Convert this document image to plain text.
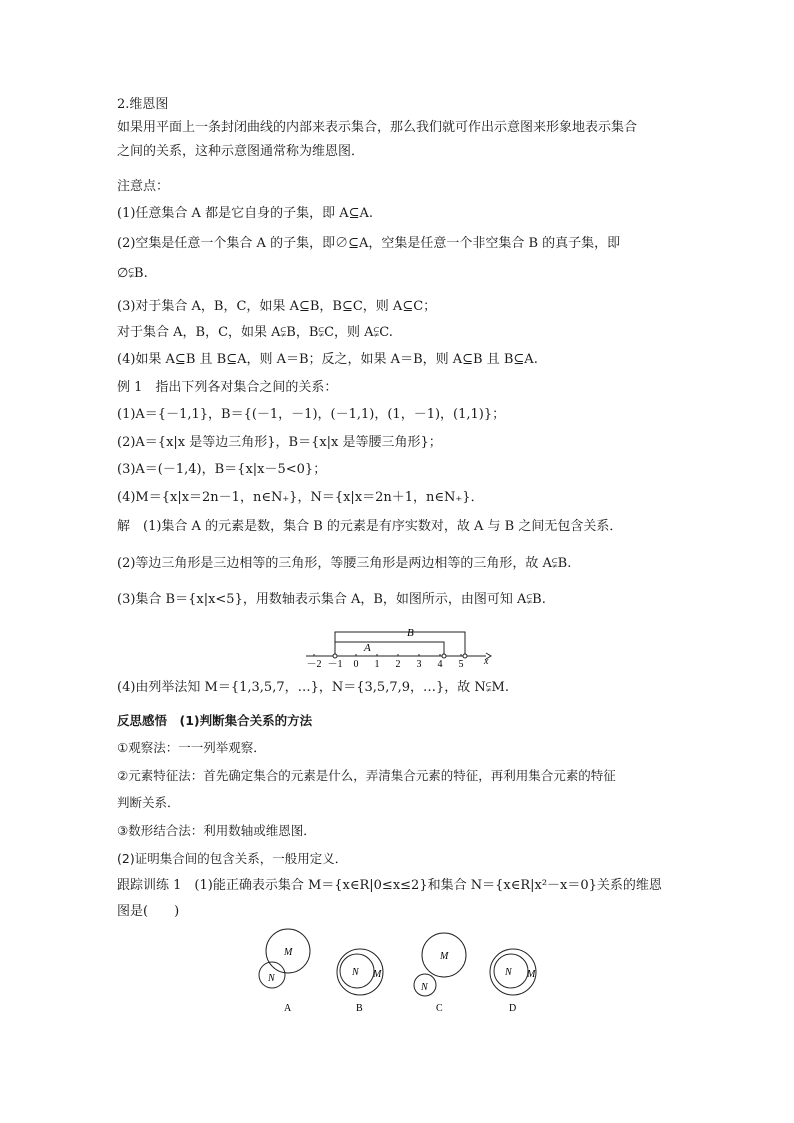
2.维恩图
如果用平面上一条封闭曲线的内部来表示集合，那么我们就可作出示意图来形象地表示集合
之间的关系，这种示意图通常称为维恩图．
注意点：
(1)任意集合 A 都是它自身的子集，即 A⊆A.
(2)空集是任意一个集合 A 的子集，即∅⊆A，空集是任意一个非空集合 B 的真子集，即
∅⫋B.
(3)对于集合 A，B，C，如果 A⊆B，B⊆C，则 A⊆C；
对于集合 A，B，C，如果 A⫋B，B⫋C，则 A⫋C.
(4)如果 A⊆B 且 B⊆A，则 A＝B；反之，如果 A＝B，则 A⊆B 且 B⊆A.
例 1　指出下列各对集合之间的关系：
(1)A＝{－1,1}，B＝{(－1，－1)，(－1,1)，(1，－1)，(1,1)}；
(2)A＝{x|x 是等边三角形}，B＝{x|x 是等腰三角形}；
(3)A＝(－1,4)，B＝{x|x－5<0}；
(4)M＝{x|x＝2n－1，n∈N₊}，N＝{x|x＝2n＋1，n∈N₊}．
解　(1)集合 A 的元素是数，集合 B 的元素是有序实数对，故 A 与 B 之间无包含关系．
(2)等边三角形是三边相等的三角形，等腰三角形是两边相等的三角形，故 A⫋B.
(3)集合 B＝{x|x<5}，用数轴表示集合 A，B，如图所示，由图可知 A⫋B.
B
A
－2 －1 0 1 2 3 4 5 x
(4)由列举法知 M＝{1,3,5,7，…}，N＝{3,5,7,9，…}，故 N⫋M.
反思感悟　(1)判断集合关系的方法
①观察法：一一列举观察．
②元素特征法：首先确定集合的元素是什么，弄清集合元素的特征，再利用集合元素的特征
判断关系．
③数形结合法：利用数轴或维恩图．
(2)证明集合间的包含关系，一般用定义．
跟踪训练 1　(1)能正确表示集合 M＝{x∈R|0≤x≤2}和集合 N＝{x∈R|x²－x＝0}关系的维恩
图是(　　)
M
N
A
N M
B
M
N
C
N M
D
